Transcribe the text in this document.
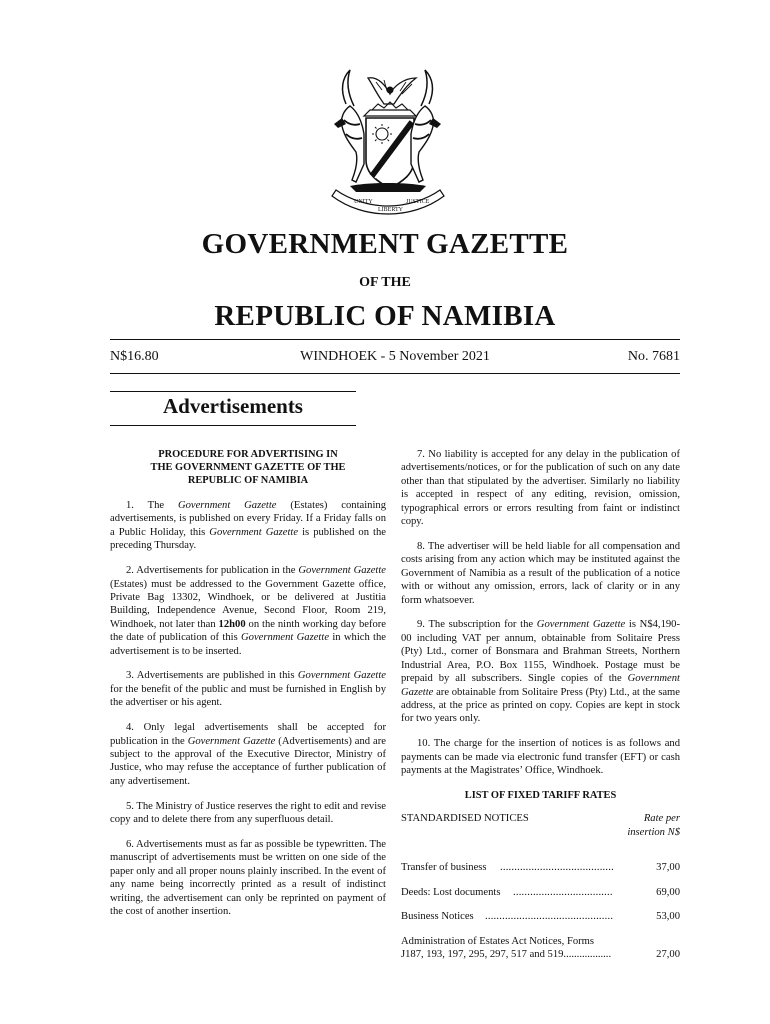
UNITY
LIBERTY
JUSTICE
GOVERNMENT GAZETTE
OF THE
REPUBLIC OF NAMIBIA
N$16.80	WINDHOEK - 5 November 2021	No. 7681
Advertisements
PROCEDURE FOR ADVERTISING IN
THE GOVERNMENT GAZETTE OF THE
REPUBLIC OF NAMIBIA

1. The Government Gazette (Estates) containing advertisements, is published on every Friday. If a Friday falls on a Public Holiday, this Government Gazette is published on the preceding Thursday.

2. Advertisements for publication in the Government Gazette (Estates) must be addressed to the Government Gazette office, Private Bag 13302, Windhoek, or be delivered at Justitia Building, Independence Avenue, Second Floor, Room 219, Windhoek, not later than 12h00 on the ninth working day before the date of publication of this Government Gazette in which the advertisement is to be inserted.

3. Advertisements are published in this Government Gazette for the benefit of the public and must be furnished in English by the advertiser or his agent.

4. Only legal advertisements shall be accepted for publication in the Government Gazette (Advertisements) and are subject to the approval of the Executive Director, Ministry of Justice, who may refuse the acceptance of further publication of any advertisement.

5. The Ministry of Justice reserves the right to edit and revise copy and to delete there from any superfluous detail.

6. Advertisements must as far as possible be typewritten. The manuscript of advertisements must be written on one side of the paper only and all proper nouns plainly inscribed. In the event of any name being incorrectly printed as a result of indistinct writing, the advertisement can only be reprinted on payment of the cost of another insertion.

7. No liability is accepted for any delay in the publication of advertisements/notices, or for the publication of such on any date other than that stipulated by the advertiser. Similarly no liability is accepted in respect of any editing, revision, omission, typographical errors or errors resulting from faint or indistinct copy.

8. The advertiser will be held liable for all compensation and costs arising from any action which may be instituted against the Government of Namibia as a result of the publication of a notice with or without any omission, errors, lack of clarity or in any form whatsoever.

9. The subscription for the Government Gazette is N$4,190-00 including VAT per annum, obtainable from Solitaire Press (Pty) Ltd., corner of Bonsmara and Brahman Streets, Northern Industrial Area, P.O. Box 1155, Windhoek. Postage must be prepaid by all subscribers. Single copies of the Government Gazette are obtainable from Solitaire Press (Pty) Ltd., at the same address, at the price as printed on copy. Copies are kept in stock for two years only.

10. The charge for the insertion of notices is as follows and payments can be made via electronic fund transfer (EFT) or cash payments at the Magistrates’ Office, Windhoek.

LIST OF FIXED TARIFF RATES
STANDARDISED NOTICES	Rate per
insertion N$
Transfer of business ........................................	37,00
Deeds: Lost documents ...................................	69,00
Business Notices .............................................	53,00
Administration of Estates Act Notices, Forms
J187, 193, 197, 295, 297, 517 and 519..................	27,00
